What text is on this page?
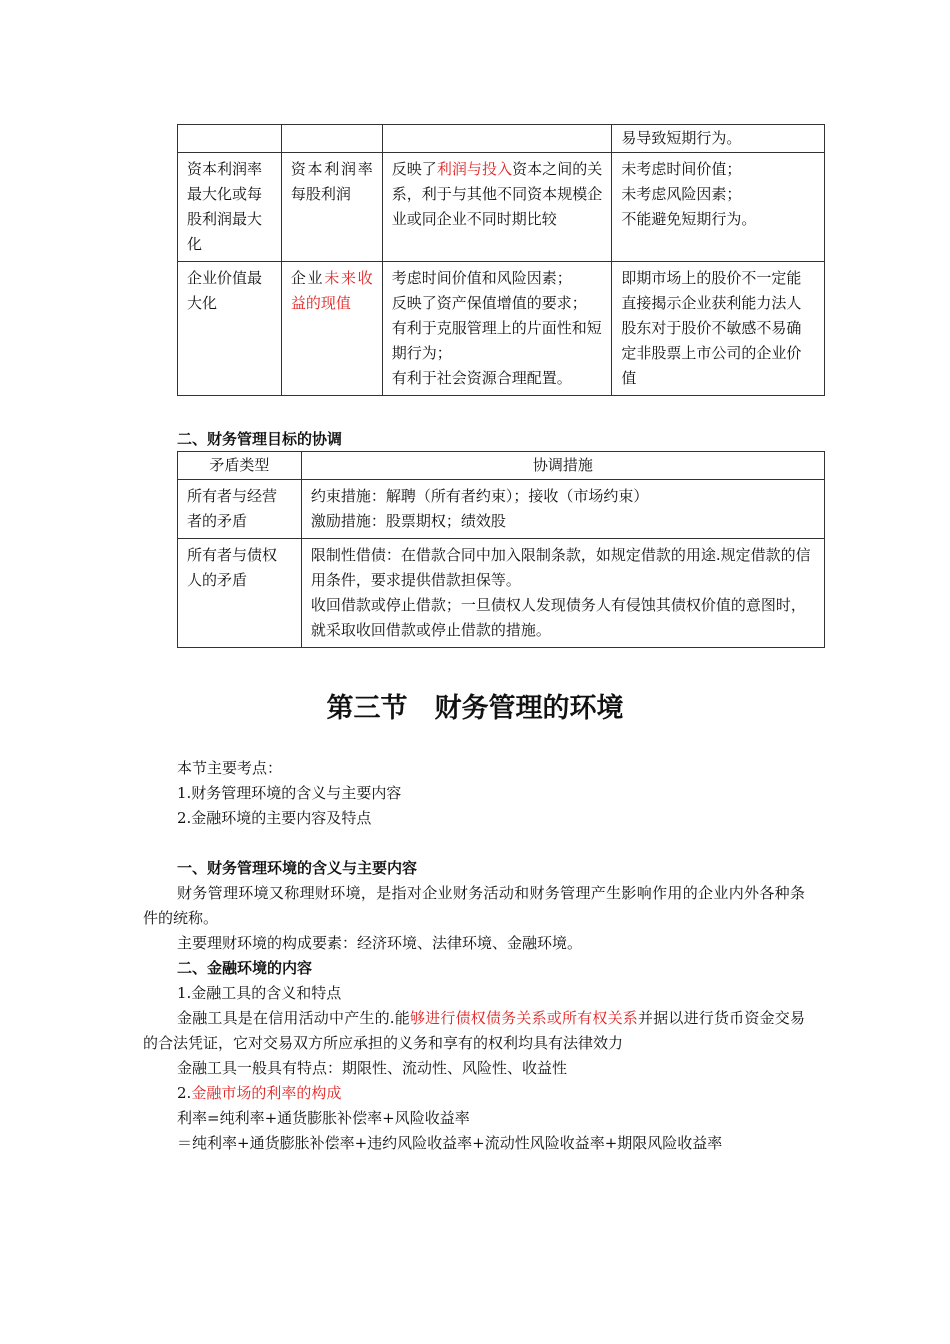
			易导致短期行为。
资本利润率最大化或每股利润最大化	资本利润率每股利润	反映了利润与投入资本之间的关系，利于与其他不同资本规模企业或同企业不同时期比较	未考虑时间价值；
未考虑风险因素；
不能避免短期行为。

企业价值最大化	企业未来收益的现值	考虑时间价值和风险因素；
反映了资产保值增值的要求；
有利于克服管理上的片面性和短期行为；
有利于社会资源合理配置。	即期市场上的股价不一定能直接揭示企业获利能力法人股东对于股价不敏感不易确定非股票上市公司的企业价值
二、财务管理目标的协调
矛盾类型	协调措施
所有者与经营者的矛盾	约束措施：解聘（所有者约束）；接收（市场约束）
激励措施：股票期权；绩效股

所有者与债权人的矛盾	限制性借债：在借款合同中加入限制条款，如规定借款的用途.规定借款的信用条件，要求提供借款担保等。
收回借款或停止借款；一旦债权人发现债务人有侵蚀其债权价值的意图时，就采取收回借款或停止借款的措施。
第三节　财务管理的环境
本节主要考点：
1.财务管理环境的含义与主要内容
2.金融环境的主要内容及特点
一、财务管理环境的含义与主要内容
财务管理环境又称理财环境，是指对企业财务活动和财务管理产生影响作用的企业内外各种条件的统称。
主要理财环境的构成要素：经济环境、法律环境、金融环境。
二、金融环境的内容
1.金融工具的含义和特点
金融工具是在信用活动中产生的.能够进行债权债务关系或所有权关系并据以进行货币资金交易的合法凭证，它对交易双方所应承担的义务和享有的权利均具有法律效力
金融工具一般具有特点：期限性、流动性、风险性、收益性
2.金融市场的利率的构成
利率=纯利率+通货膨胀补偿率+风险收益率
＝纯利率+通货膨胀补偿率+违约风险收益率+流动性风险收益率+期限风险收益率
